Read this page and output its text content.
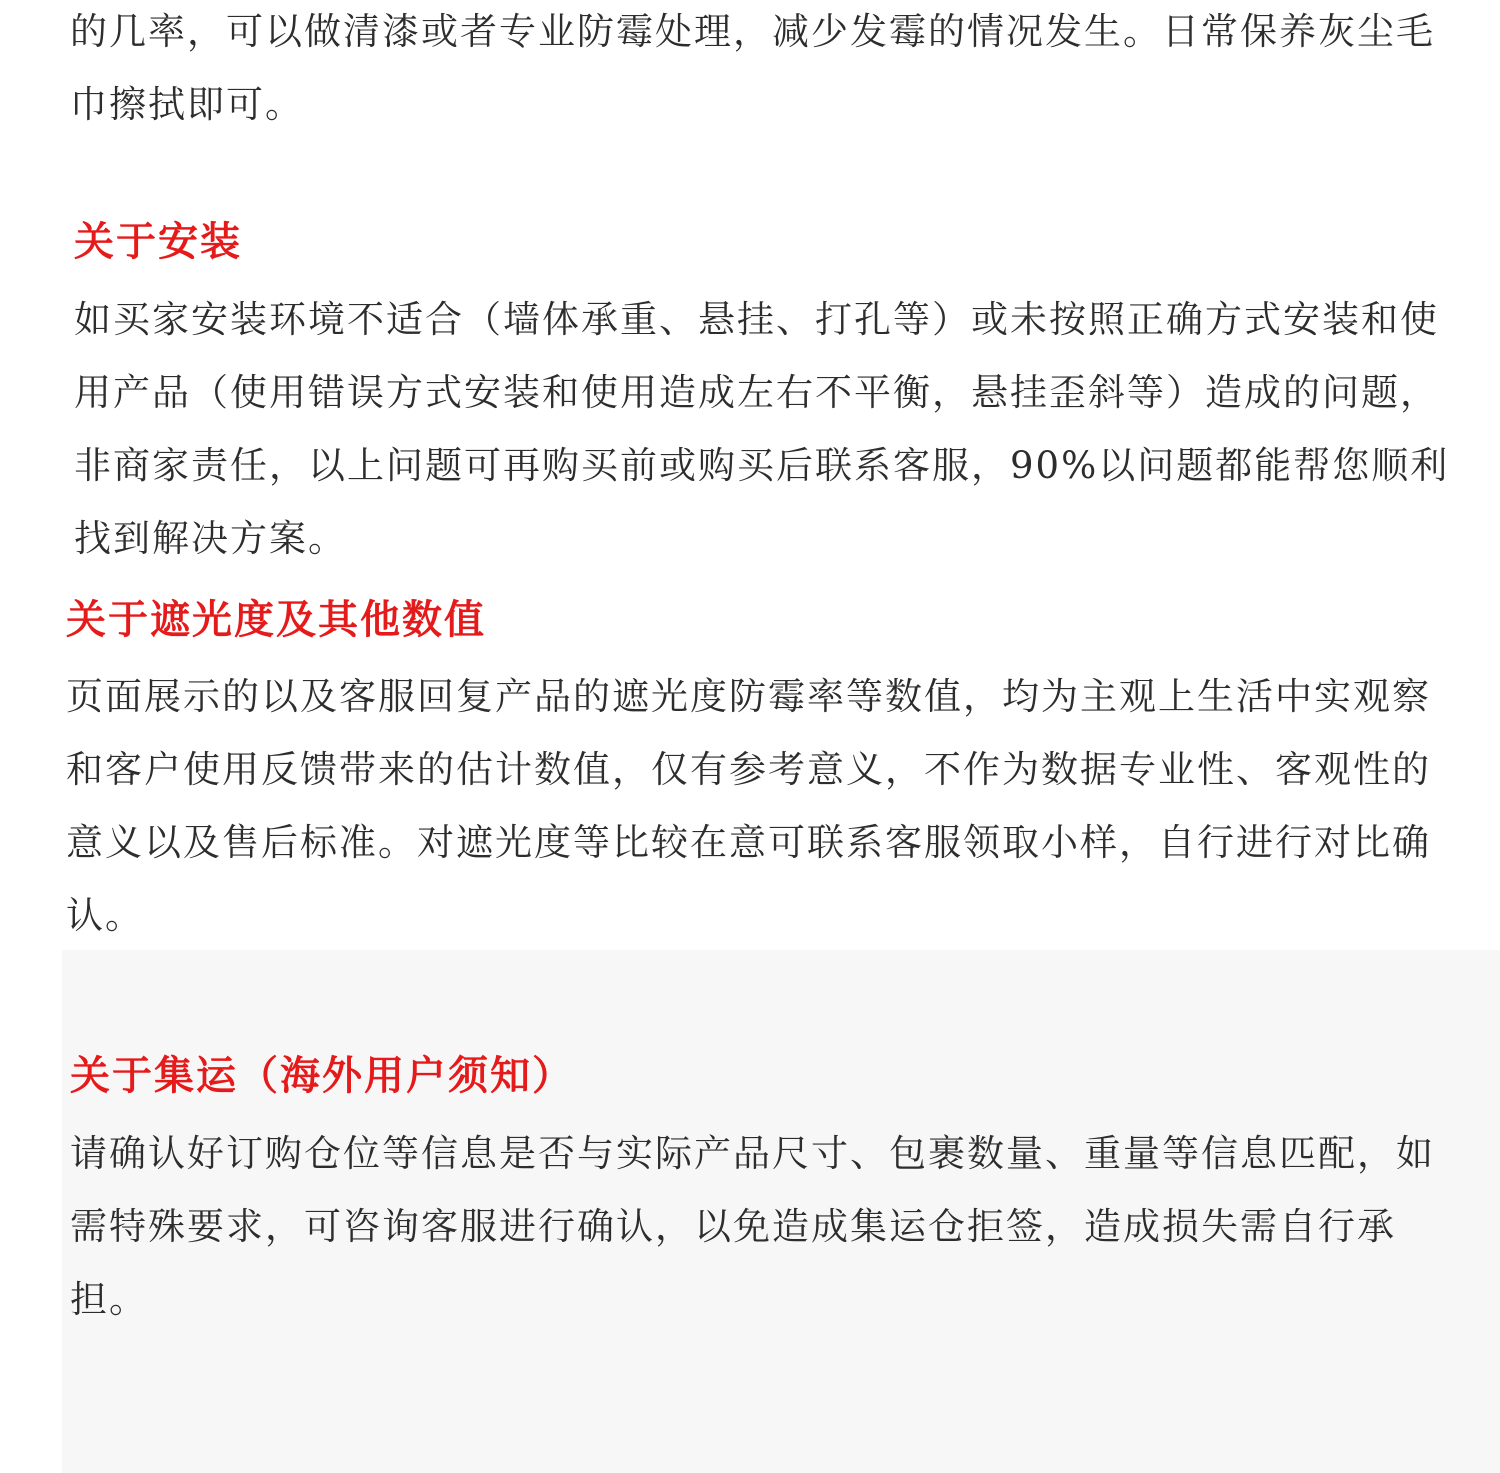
的几率，可以做清漆或者专业防霉处理，减少发霉的情况发生。日常保养灰尘毛巾擦拭即可。

关于安装

如买家安装环境不适合（墙体承重、悬挂、打孔等）或未按照正确方式安装和使用产品（使用错误方式安装和使用造成左右不平衡，悬挂歪斜等）造成的问题，非商家责任，以上问题可再购买前或购买后联系客服，90%以问题都能帮您顺利找到解决方案。

关于遮光度及其他数值

页面展示的以及客服回复产品的遮光度防霉率等数值，均为主观上生活中实观察和客户使用反馈带来的估计数值，仅有参考意义，不作为数据专业性、客观性的意义以及售后标准。对遮光度等比较在意可联系客服领取小样，自行进行对比确认。

关于集运（海外用户须知）

请确认好订购仓位等信息是否与实际产品尺寸、包裹数量、重量等信息匹配，如需特殊要求，可咨询客服进行确认，以免造成集运仓拒签，造成损失需自行承担。
